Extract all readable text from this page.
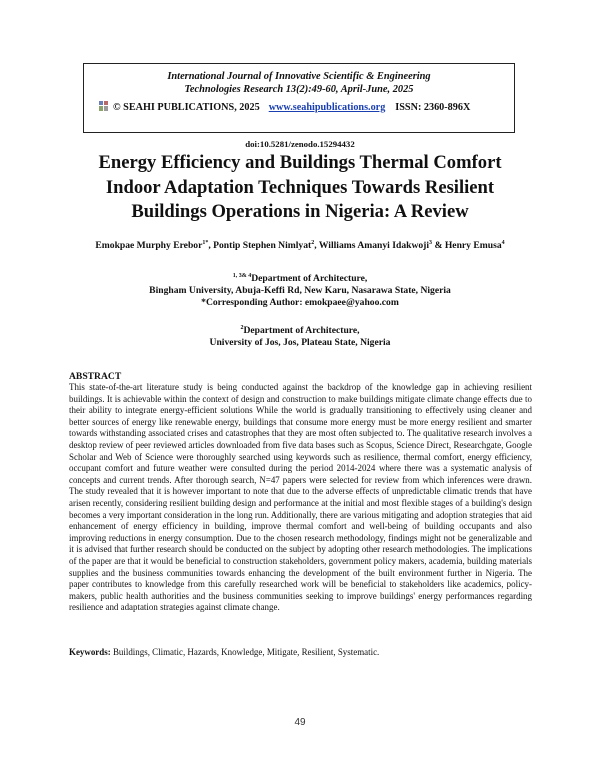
International Journal of Innovative Scientific & Engineering
Technologies Research 13(2):49-60, April-June, 2025
© SEAHI PUBLICATIONS, 2025 www.seahipublications.org ISSN: 2360-896X
doi:10.5281/zenodo.15294432
Energy Efficiency and Buildings Thermal Comfort
Indoor Adaptation Techniques Towards Resilient
Buildings Operations in Nigeria: A Review
Emokpae Murphy Erebor$^{1*}$, Pontip Stephen Nimlyat$^2$, Williams Amanyi Idakwoji$^3$ & Henry Emusa$^4$
$^{1, 3\& 4}$Department of Architecture,
Bingham University, Abuja-Keffi Rd, New Karu, Nasarawa State, Nigeria
*Corresponding Author: emokpaee@yahoo.com
$^2$Department of Architecture,
University of Jos, Jos, Plateau State, Nigeria
ABSTRACT
This state-of-the-art literature study is being conducted against the backdrop of the knowledge gap in achieving resilient buildings. It is achievable within the context of design and construction to make buildings mitigate climate change effects due to their ability to integrate energy-efficient solutions While the world is gradually transitioning to effectively using cleaner and better sources of energy like renewable energy, buildings that consume more energy must be more energy resilient and smarter towards withstanding associated crises and catastrophes that they are most often subjected to. The qualitative research involves a desktop review of peer reviewed articles downloaded from five data bases such as Scopus, Science Direct, Researchgate, Google Scholar and Web of Science were thoroughly searched using keywords such as resilience, thermal comfort, energy efficiency, occupant comfort and future weather were consulted during the period 2014-2024 where there was a systematic analysis of concepts and current trends. After thorough search, N=47 papers were selected for review from which inferences were drawn. The study revealed that it is however important to note that due to the adverse effects of unpredictable climatic trends that have arisen recently, considering resilient building design and performance at the initial and most flexible stages of a building's design becomes a very important consideration in the long run. Additionally, there are various mitigating and adoption strategies that aid enhancement of energy efficiency in building, improve thermal comfort and well-being of building occupants and also improving reductions in energy consumption. Due to the chosen research methodology, findings might not be generalizable and it is advised that further research should be conducted on the subject by adopting other research methodologies. The implications of the paper are that it would be beneficial to construction stakeholders, government policy makers, academia, building materials supplies and the business communities towards enhancing the development of the built environment further in Nigeria. The paper contributes to knowledge from this carefully researched work will be beneficial to stakeholders like academics, policy-makers, public health authorities and the business communities seeking to improve buildings' energy performances regarding resilience and adaptation strategies against climate change.
Keywords: Buildings, Climatic, Hazards, Knowledge, Mitigate, Resilient, Systematic.
49
